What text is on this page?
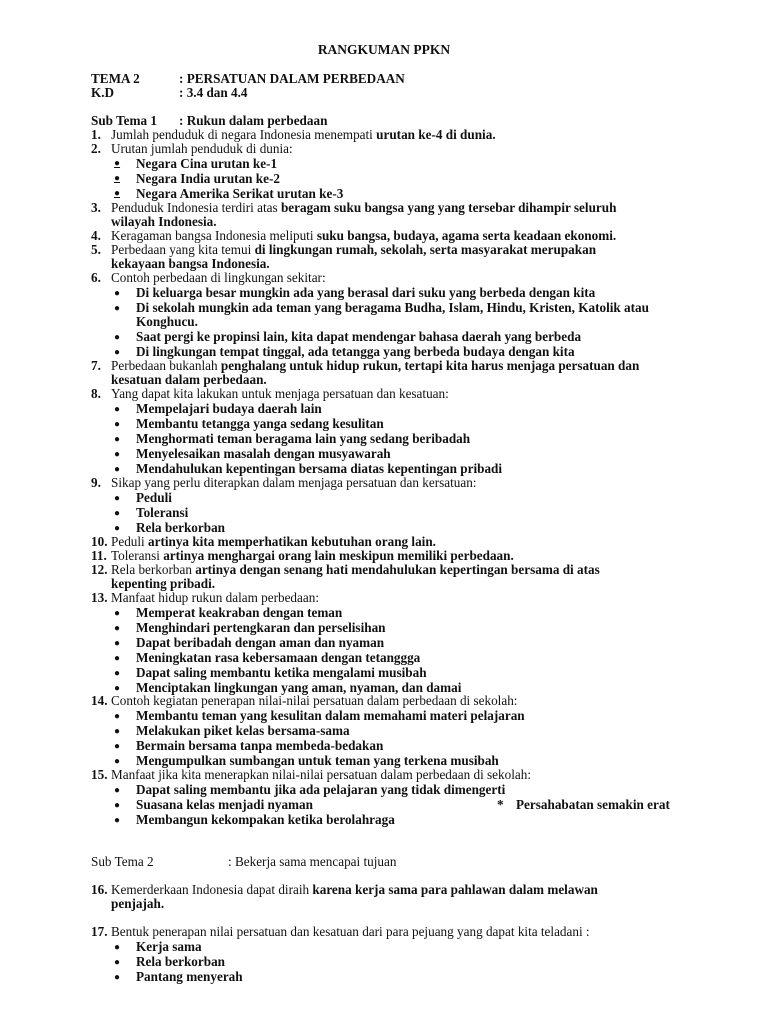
RANGKUMAN PPKN
TEMA 2	: PERSATUAN DALAM PERBEDAAN
K.D	: 3.4 dan 4.4
Sub Tema 1 : Rukun dalam perbedaan
1. Jumlah penduduk di negara Indonesia menempati urutan ke-4 di dunia.
2. Urutan jumlah penduduk di dunia:
● Negara Cina urutan ke-1
● Negara India urutan ke-2
● Negara Amerika Serikat urutan ke-3
3. Penduduk Indonesia terdiri atas beragam suku bangsa yang yang tersebar dihampir seluruh
wilayah Indonesia.
4. Keragaman bangsa Indonesia meliputi suku bangsa, budaya, agama serta keadaan ekonomi.
5. Perbedaan yang kita temui di lingkungan rumah, sekolah, serta masyarakat merupakan
kekayaan bangsa Indonesia.
6. Contoh perbedaan di lingkungan sekitar:
● Di keluarga besar mungkin ada yang berasal dari suku yang berbeda dengan kita
● Di sekolah mungkin ada teman yang beragama Budha, Islam, Hindu, Kristen, Katolik atau
Konghucu.
● Saat pergi ke propinsi lain, kita dapat mendengar bahasa daerah yang berbeda
● Di lingkungan tempat tinggal, ada tetangga yang berbeda budaya dengan kita
7. Perbedaan bukanlah penghalang untuk hidup rukun, tertapi kita harus menjaga persatuan dan
kesatuan dalam perbedaan.
8. Yang dapat kita lakukan untuk menjaga persatuan dan kesatuan:
● Mempelajari budaya daerah lain
● Membantu tetangga yanga sedang kesulitan
● Menghormati teman beragama lain yang sedang beribadah
● Menyelesaikan masalah dengan musyawarah
● Mendahulukan kepentingan bersama diatas kepentingan pribadi
9. Sikap yang perlu diterapkan dalam menjaga persatuan dan kersatuan:
● Peduli
● Toleransi
● Rela berkorban
10. Peduli artinya kita memperhatikan kebutuhan orang lain.
11. Toleransi artinya menghargai orang lain meskipun memiliki perbedaan.
12. Rela berkorban artinya dengan senang hati mendahulukan kepertingan bersama di atas
kepenting pribadi.
13. Manfaat hidup rukun dalam perbedaan:
● Memperat keakraban dengan teman
● Menghindari pertengkaran dan perselisihan
● Dapat beribadah dengan aman dan nyaman
● Meningkatan rasa kebersamaan dengan tetanggga
● Dapat saling membantu ketika mengalami musibah
● Menciptakan lingkungan yang aman, nyaman, dan damai
14. Contoh kegiatan penerapan nilai-nilai persatuan dalam perbedaan di sekolah:
● Membantu teman yang kesulitan dalam memahami materi pelajaran
● Melakukan piket kelas bersama-sama
● Bermain bersama tanpa membeda-bedakan
● Mengumpulkan sumbangan untuk teman yang terkena musibah
15. Manfaat jika kita menerapkan nilai-nilai persatuan dalam perbedaan di sekolah:
● Dapat saling membantu jika ada pelajaran yang tidak dimengerti
● Suasana kelas menjadi nyaman	* Persahabatan semakin erat
● Membangun kekompakan ketika berolahraga
Sub Tema 2	: Bekerja sama mencapai tujuan
16. Kemerderkaan Indonesia dapat diraih karena kerja sama para pahlawan dalam melawan
penjajah.
17. Bentuk penerapan nilai persatuan dan kesatuan dari para pejuang yang dapat kita teladani :
● Kerja sama
● Rela berkorban
● Pantang menyerah
